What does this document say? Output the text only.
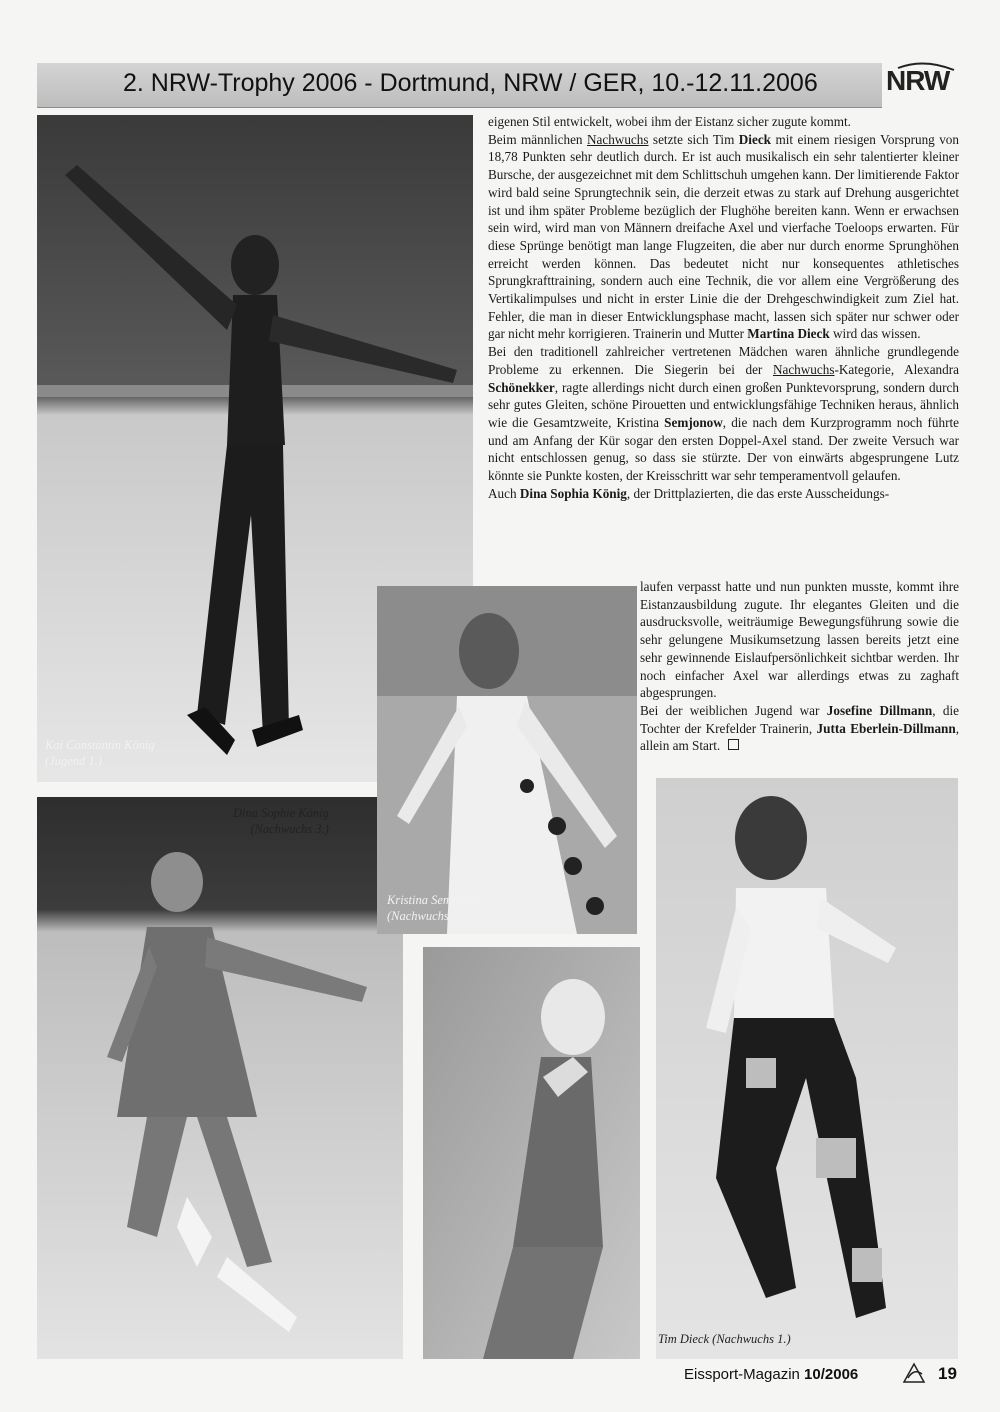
2. NRW-Trophy 2006 - Dortmund, NRW / GER, 10.-12.11.2006 NRW
Kai Constantin König
(Jugend 1.)
Dina Sophie König
(Nachwuchs 3.)
Kristina Semjonov
(Nachwuchs 2.)
Tim Dieck (Nachwuchs 1.)

eigenen Stil entwickelt, wobei ihm der Eistanz sicher zugute kommt.

Beim männlichen Nachwuchs setzte sich Tim Dieck mit einem riesigen Vorsprung von 18,78 Punkten sehr deutlich durch. Er ist auch musikalisch ein sehr talentierter kleiner Bursche, der ausgezeichnet mit dem Schlittschuh umgehen kann. Der limitierende Faktor wird bald seine Sprungtechnik sein, die derzeit etwas zu stark auf Drehung ausgerichtet ist und ihm später Probleme bezüglich der Flughöhe bereiten kann. Wenn er erwachsen sein wird, wird man von Männern dreifache Axel und vierfache Toeloops erwarten. Für diese Sprünge benötigt man lange Flugzeiten, die aber nur durch enorme Sprunghöhen erreicht werden können. Das bedeutet nicht nur konsequentes athletisches Sprungkrafttraining, sondern auch eine Technik, die vor allem eine Vergrößerung des Vertikalimpulses und nicht in erster Linie die der Drehgeschwindigkeit zum Ziel hat. Fehler, die man in dieser Entwicklungsphase macht, lassen sich später nur schwer oder gar nicht mehr korrigieren. Trainerin und Mutter Martina Dieck wird das wissen.

Bei den traditionell zahlreicher vertretenen Mädchen waren ähnliche grundlegende Probleme zu erkennen. Die Siegerin bei der Nachwuchs-Kategorie, Alexandra Schönekker, ragte allerdings nicht durch einen großen Punktevorsprung, sondern durch sehr gutes Gleiten, schöne Pirouetten und entwicklungsfähige Techniken heraus, ähnlich wie die Gesamtzweite, Kristina Semjonow, die nach dem Kurzprogramm noch führte und am Anfang der Kür sogar den ersten Doppel-Axel stand. Der zweite Versuch war nicht entschlossen genug, so dass sie stürzte. Der von einwärts abgesprungene Lutz könnte sie Punkte kosten, der Kreisschritt war sehr temperamentvoll gelaufen.

Auch Dina Sophia König, der Drittplazierten, die das erste Ausscheidungs-

laufen verpasst hatte und nun punkten musste, kommt ihre Eistanzausbildung zugute. Ihr elegantes Gleiten und die ausdrucksvolle, weiträumige Bewegungsführung sowie die sehr gelungene Musikumsetzung lassen bereits jetzt eine sehr gewinnende Eislaufpersönlichkeit sichtbar werden. Ihr noch einfacher Axel war allerdings etwas zu zaghaft abgesprungen.

Bei der weiblichen Jugend war Josefine Dillmann, die Tochter der Krefelder Trainerin, Jutta Eberlein-Dillmann, allein am Start.

Eissport-Magazin 10/2006	19
